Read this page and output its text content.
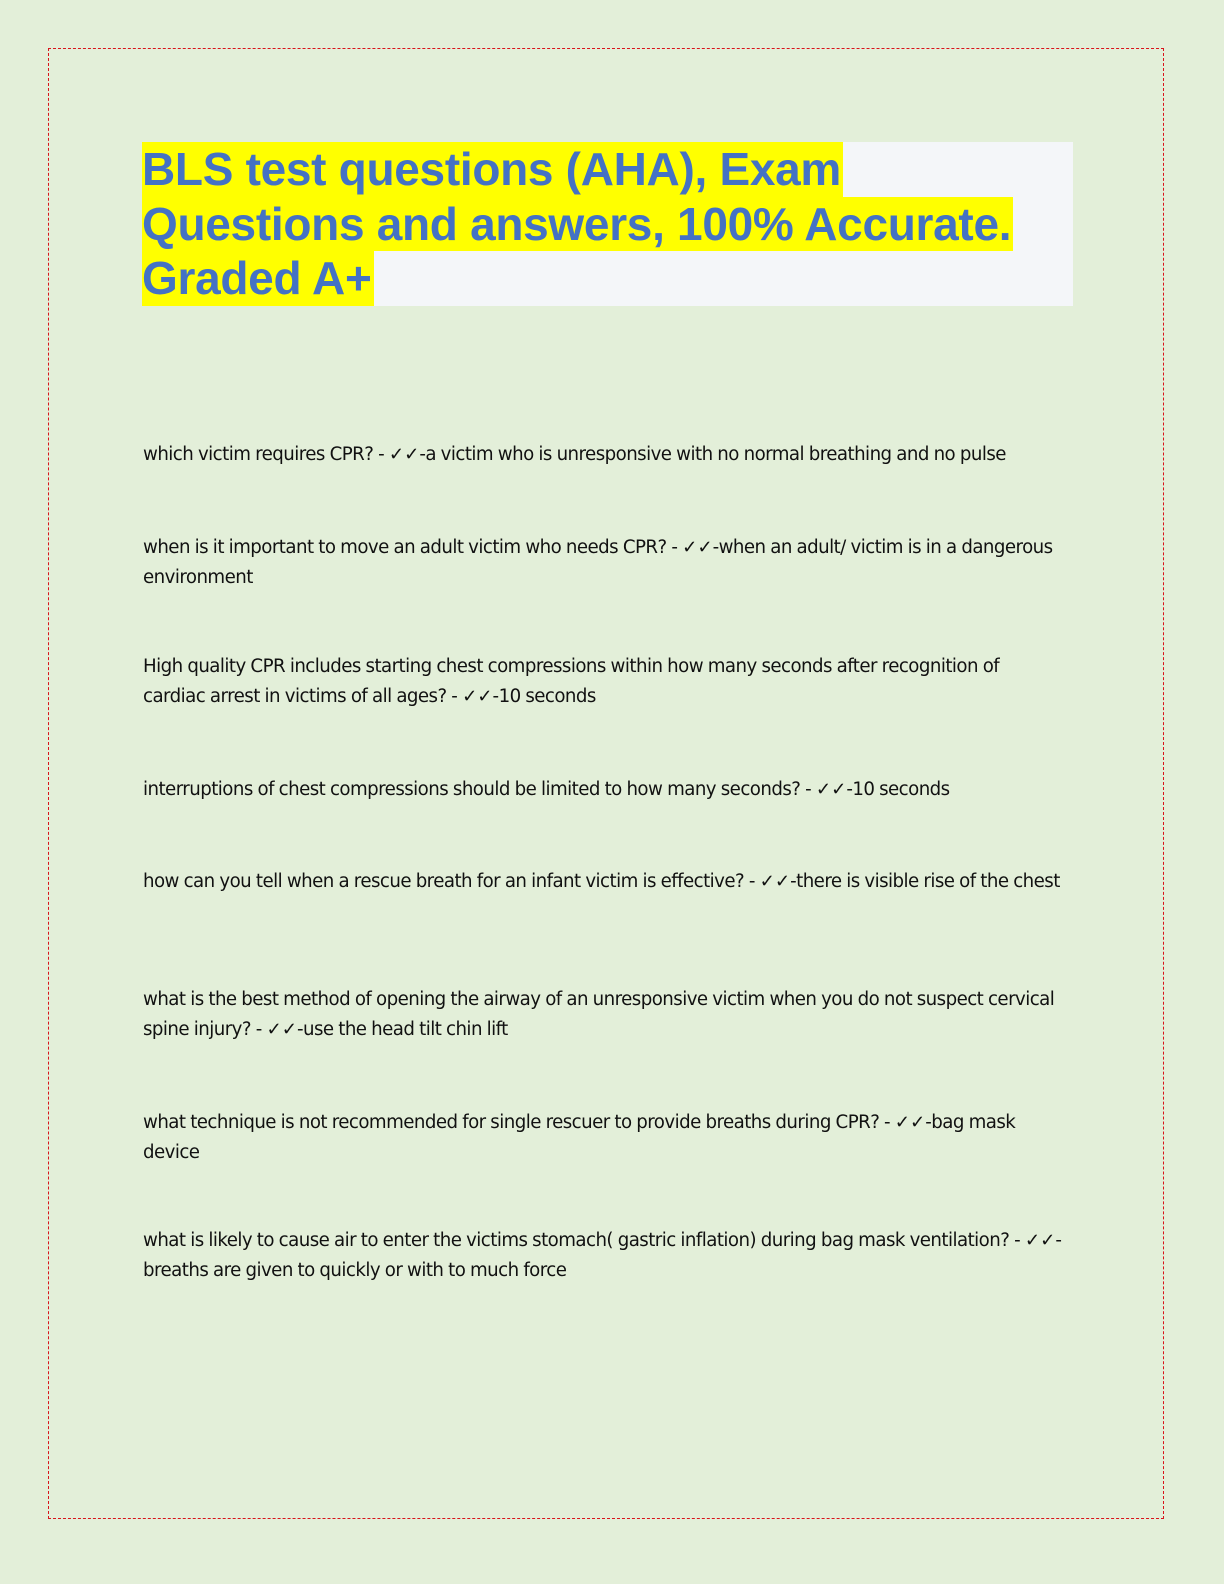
BLS test questions (AHA), Exam
Questions and answers, 100% Accurate.
Graded A+

which victim requires CPR? - ✓✓-a victim who is unresponsive with no normal breathing and no pulse

when is it important to move an adult victim who needs CPR? - ✓✓-when an adult/ victim is in a dangerous environment

High quality CPR includes starting chest compressions within how many seconds after recognition of cardiac arrest in victims of all ages? - ✓✓-10 seconds

interruptions of chest compressions should be limited to how many seconds? - ✓✓-10 seconds

how can you tell when a rescue breath for an infant victim is effective? - ✓✓-there is visible rise of the chest

what is the best method of opening the airway of an unresponsive victim when you do not suspect cervical spine injury? - ✓✓-use the head tilt chin lift

what technique is not recommended for single rescuer to provide breaths during CPR? - ✓✓-bag mask device

what is likely to cause air to enter the victims stomach( gastric inflation) during bag mask ventilation? - ✓✓-breaths are given to quickly or with to much force
